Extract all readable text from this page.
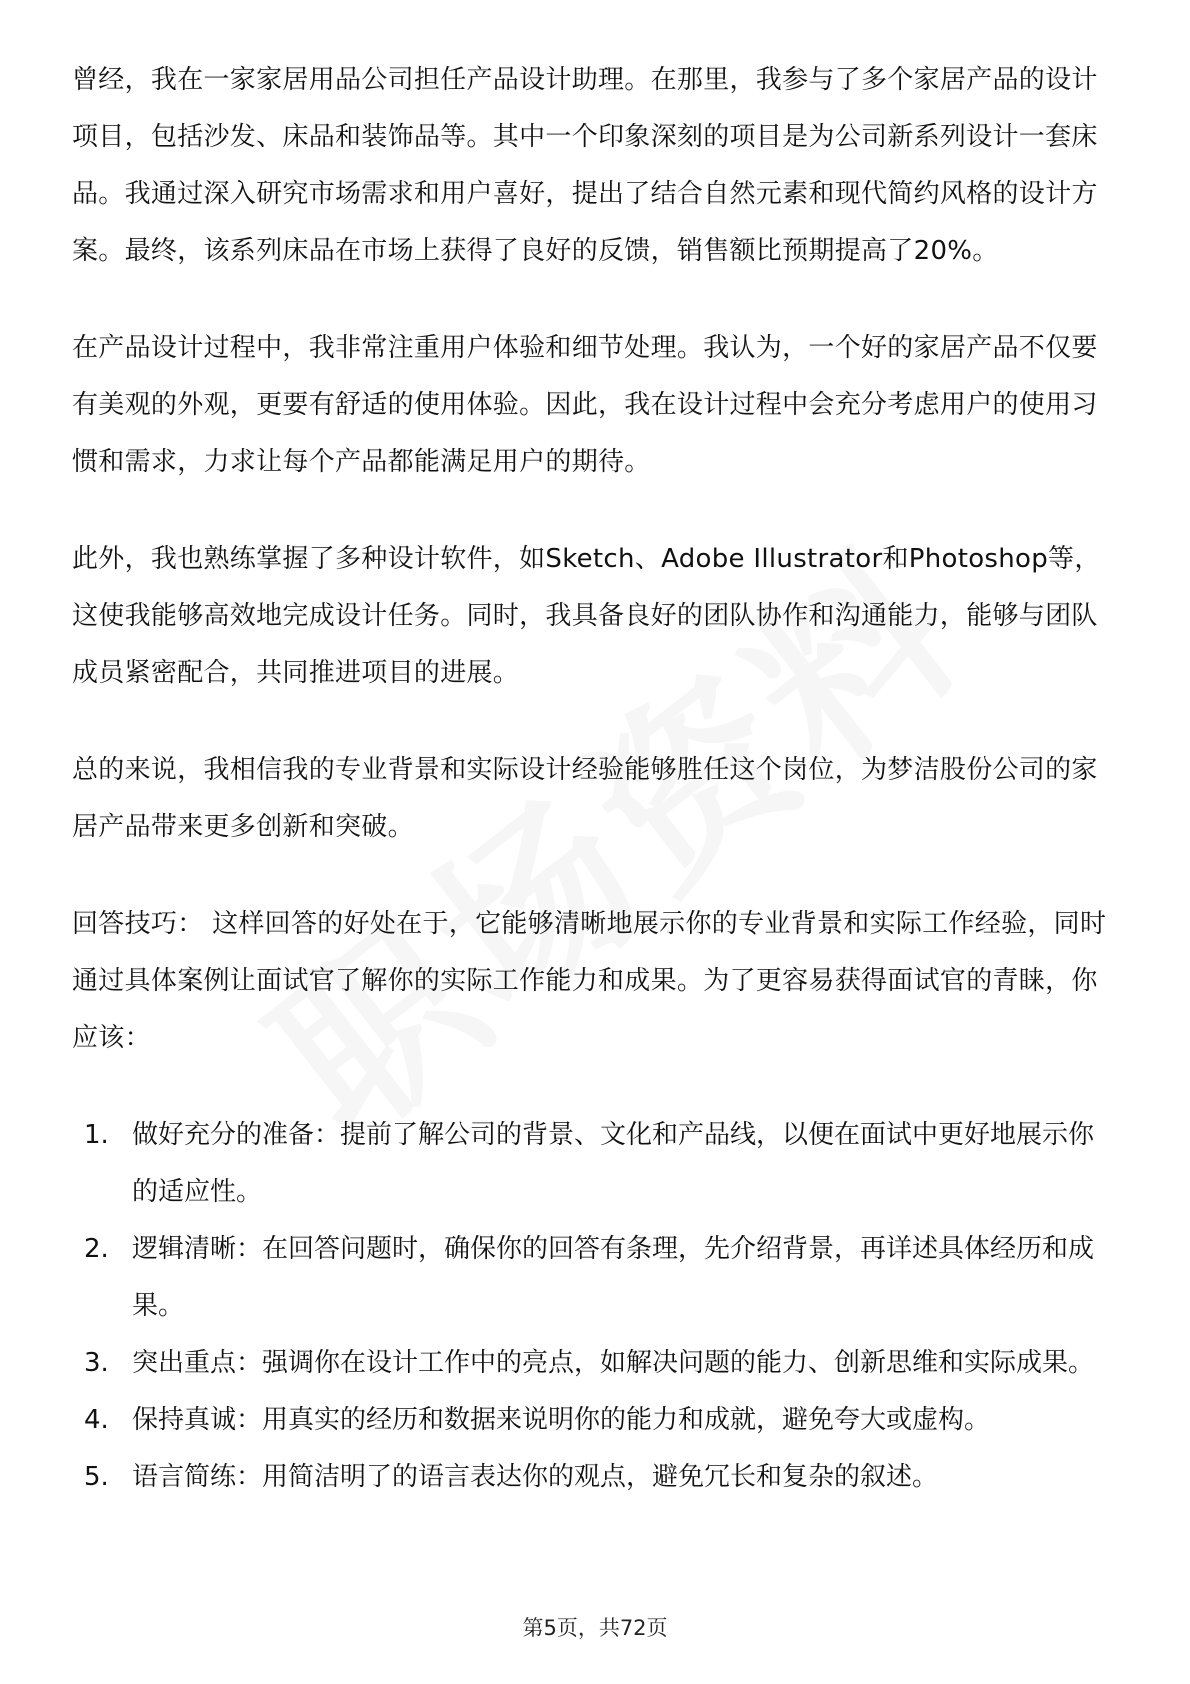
曾经，我在一家家居用品公司担任产品设计助理。在那里，我参与了多个家居产品的设计项目，包括沙发、床品和装饰品等。其中一个印象深刻的项目是为公司新系列设计一套床品。我通过深入研究市场需求和用户喜好，提出了结合自然元素和现代简约风格的设计方案。最终，该系列床品在市场上获得了良好的反馈，销售额比预期提高了20%。

在产品设计过程中，我非常注重用户体验和细节处理。我认为，一个好的家居产品不仅要有美观的外观，更要有舒适的使用体验。因此，我在设计过程中会充分考虑用户的使用习惯和需求，力求让每个产品都能满足用户的期待。

此外，我也熟练掌握了多种设计软件，如Sketch、Adobe Illustrator和Photoshop等，这使我能够高效地完成设计任务。同时，我具备良好的团队协作和沟通能力，能够与团队成员紧密配合，共同推进项目的进展。

总的来说，我相信我的专业背景和实际设计经验能够胜任这个岗位，为梦洁股份公司的家居产品带来更多创新和突破。

回答技巧： 这样回答的好处在于，它能够清晰地展示你的专业背景和实际工作经验，同时通过具体案例让面试官了解你的实际工作能力和成果。为了更容易获得面试官的青睐，你应该：

1. 做好充分的准备：提前了解公司的背景、文化和产品线，以便在面试中更好地展示你的适应性。
2. 逻辑清晰：在回答问题时，确保你的回答有条理，先介绍背景，再详述具体经历和成果。
3. 突出重点：强调你在设计工作中的亮点，如解决问题的能力、创新思维和实际成果。
4. 保持真诚：用真实的经历和数据来说明你的能力和成就，避免夸大或虚构。
5. 语言简练：用简洁明了的语言表达你的观点，避免冗长和复杂的叙述。
第5页，共72页
